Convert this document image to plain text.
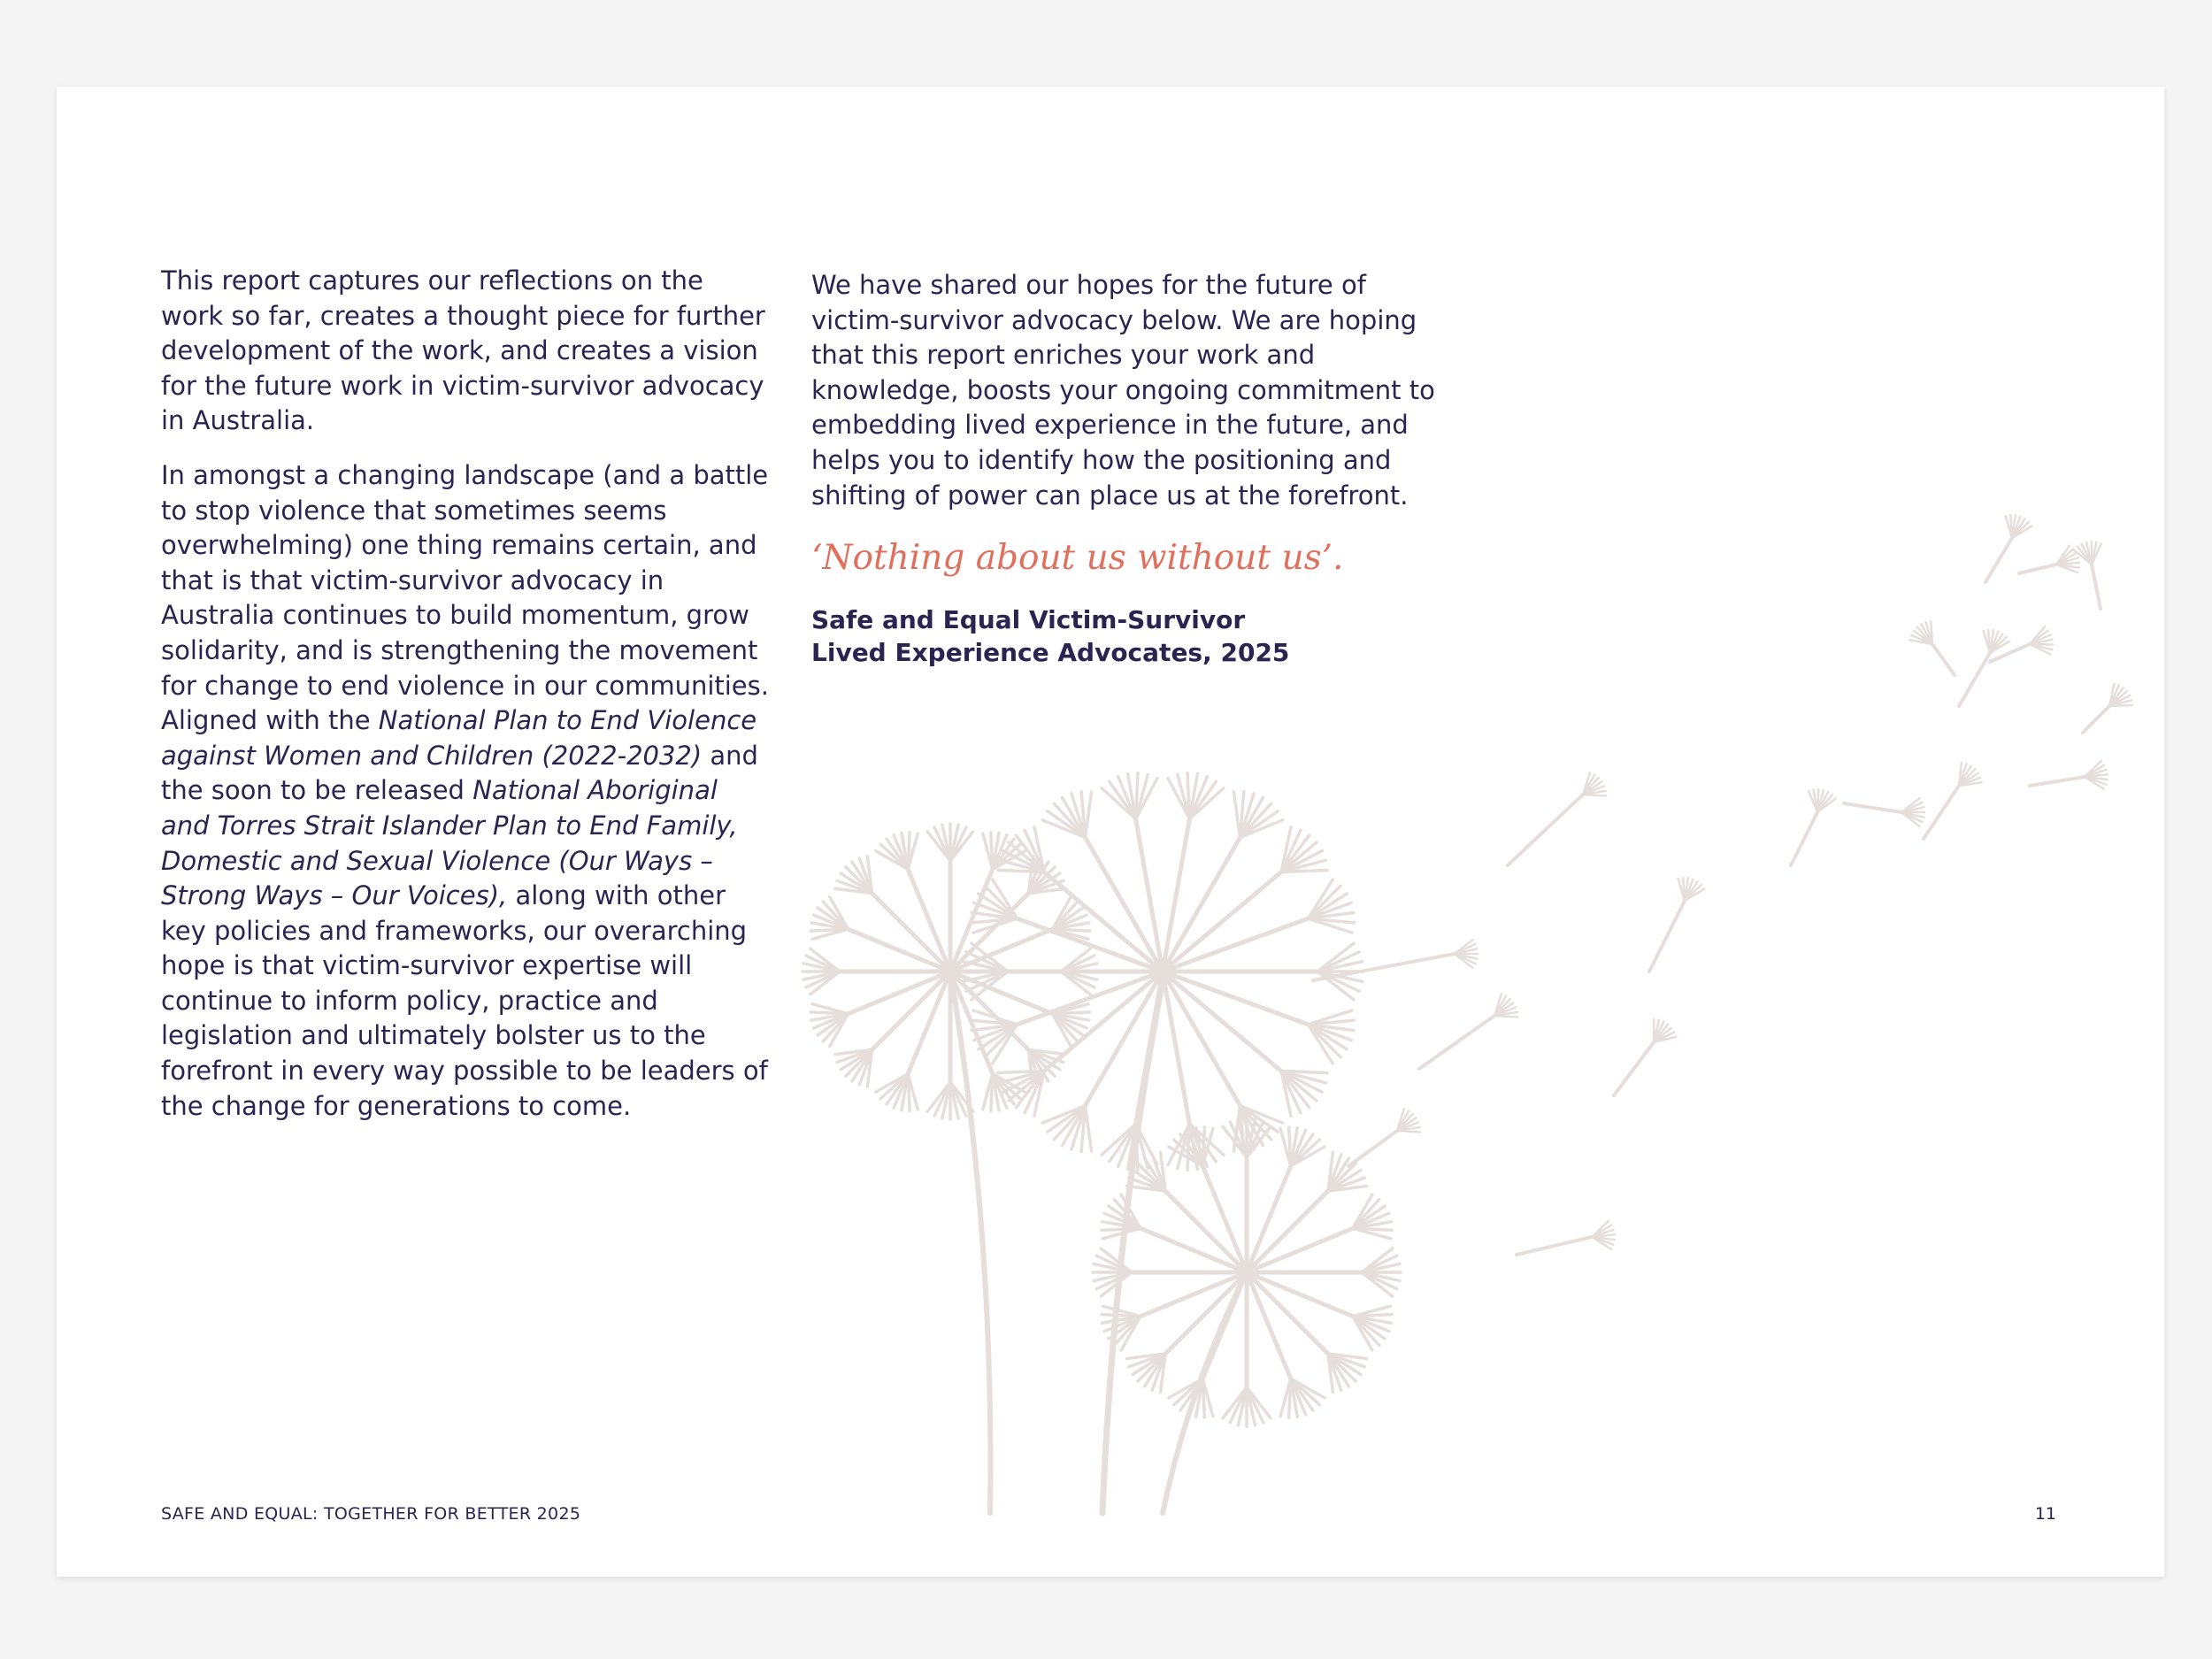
This report captures our reflections on the work so far, creates a thought piece for further development of the work, and creates a vision for the future work in victim-survivor advocacy in Australia.

In amongst a changing landscape (and a battle to stop violence that sometimes seems overwhelming) one thing remains certain, and that is that victim-survivor advocacy in Australia continues to build momentum, grow solidarity, and is strengthening the movement for change to end violence in our communities. Aligned with the National Plan to End Violence against Women and Children (2022-2032) and the soon to be released National Aboriginal and Torres Strait Islander Plan to End Family, Domestic and Sexual Violence (Our Ways – Strong Ways – Our Voices), along with other key policies and frameworks, our overarching hope is that victim-survivor expertise will continue to inform policy, practice and legislation and ultimately bolster us to the forefront in every way possible to be leaders of the change for generations to come.

We have shared our hopes for the future of victim-survivor advocacy below. We are hoping that this report enriches your work and knowledge, boosts your ongoing commitment to embedding lived experience in the future, and helps you to identify how the positioning and shifting of power can place us at the forefront.

‘Nothing about us without us’.

Safe and Equal Victim-Survivor
Lived Experience Advocates, 2025

SAFE AND EQUAL: TOGETHER FOR BETTER 2025	11
